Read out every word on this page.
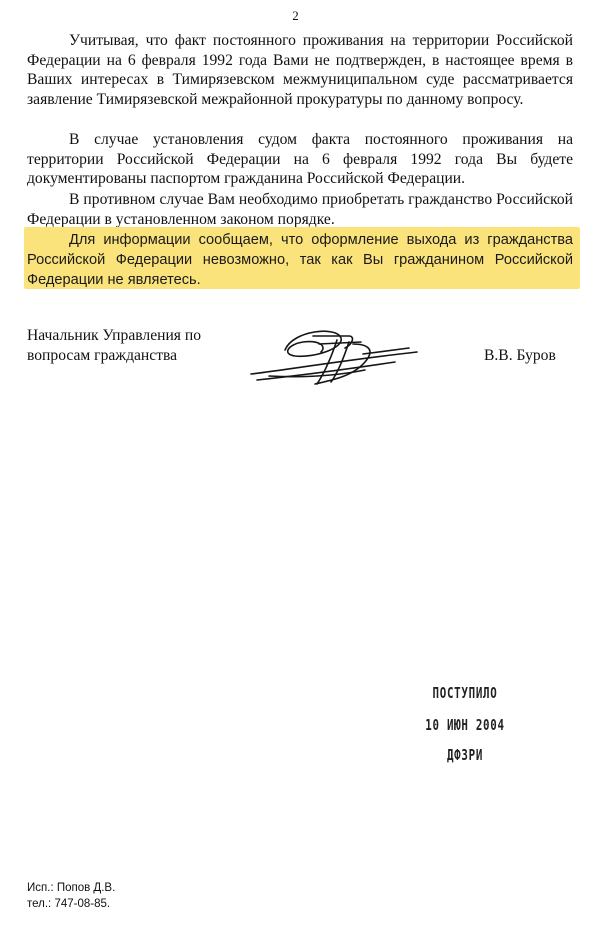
2

Учитывая, что факт постоянного проживания на территории Российской Федерации на 6 февраля 1992 года Вами не подтвержден, в настоящее время в Ваших интересах в Тимирязевском межмуниципальном суде рассматривается заявление Тимирязевской межрайонной прокуратуры по данному вопросу.

В случае установления судом факта постоянного проживания на территории Российской Федерации на 6 февраля 1992 года Вы будете документированы паспортом гражданина Российской Федерации.

В противном случае Вам необходимо приобретать гражданство Российской Федерации в установленном законом порядке.

Для информации сообщаем, что оформление выхода из гражданства Российской Федерации невозможно, так как Вы гражданином Российской Федерации не являетесь.

Начальник Управления по вопросам гражданства	В.В. Буров
ПОСТУПИЛО
10 ИЮН 2004
ДФЗРИ
Исп.: Попов Д.В.
тел.: 747-08-85.
